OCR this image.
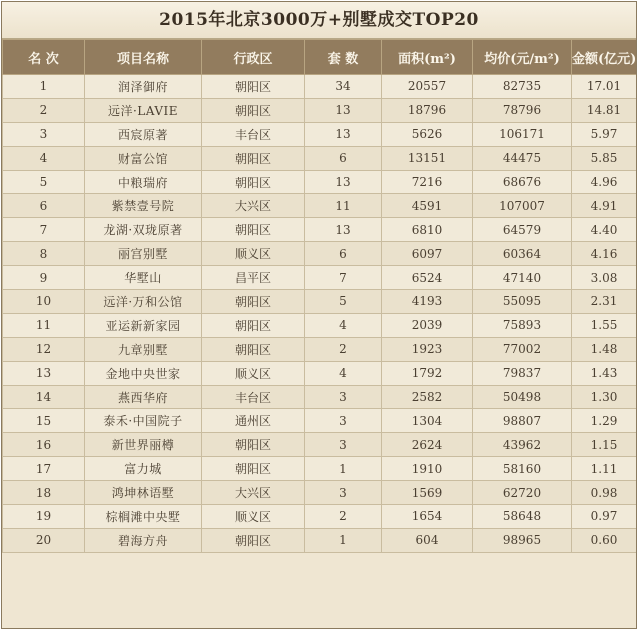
2015年北京3000万+别墅成交TOP20
名 次	项目名称	行政区	套 数	面积(m²)	均价(元/m²)	金额(亿元)
1	润泽御府	朝阳区	34	20557	82735	17.01
2	远洋·LAVIE	朝阳区	13	18796	78796	14.81
3	西宸原著	丰台区	13	5626	106171	5.97
4	财富公馆	朝阳区	6	13151	44475	5.85
5	中粮瑞府	朝阳区	13	7216	68676	4.96
6	紫禁壹号院	大兴区	11	4591	107007	4.91
7	龙湖·双珑原著	朝阳区	13	6810	64579	4.40
8	丽宫别墅	顺义区	6	6097	60364	4.16
9	华墅山	昌平区	7	6524	47140	3.08
10	远洋·万和公馆	朝阳区	5	4193	55095	2.31
11	亚运新新家园	朝阳区	4	2039	75893	1.55
12	九章别墅	朝阳区	2	1923	77002	1.48
13	金地中央世家	顺义区	4	1792	79837	1.43
14	燕西华府	丰台区	3	2582	50498	1.30
15	泰禾·中国院子	通州区	3	1304	98807	1.29
16	新世界丽樽	朝阳区	3	2624	43962	1.15
17	富力城	朝阳区	1	1910	58160	1.11
18	鸿坤林语墅	大兴区	3	1569	62720	0.98
19	棕榈滩中央墅	顺义区	2	1654	58648	0.97
20	碧海方舟	朝阳区	1	604	98965	0.60
